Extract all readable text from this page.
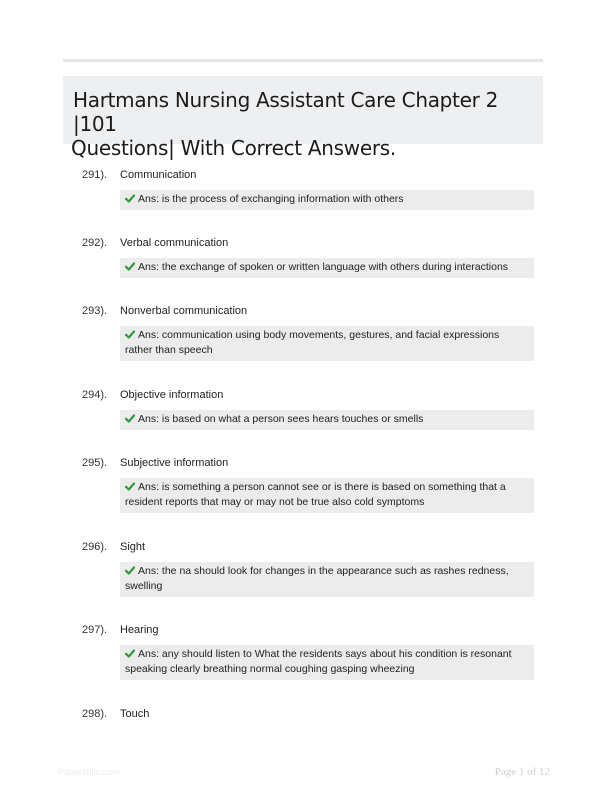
Hartmans Nursing Assistant Care Chapter 2 |101
Questions| With Correct Answers.
291). Communication
Ans: is the process of exchanging information with others
292). Verbal communication
Ans: the exchange of spoken or written language with others during interactions
293). Nonverbal communication
Ans: communication using body movements, gestures, and facial expressions rather than speech
294). Objective information
Ans: is based on what a person sees hears touches or smells
295). Subjective information
Ans: is something a person cannot see or is there is based on something that a resident reports that may or may not be true also cold symptoms
296). Sight
Ans: the na should look for changes in the appearance such as rashes redness, swelling
297). Hearing
Ans: any should listen to What the residents says about his condition is resonant speaking clearly breathing normal coughing gasping wheezing
298). Touch
Papertiblic.com	Page 1 of 12
